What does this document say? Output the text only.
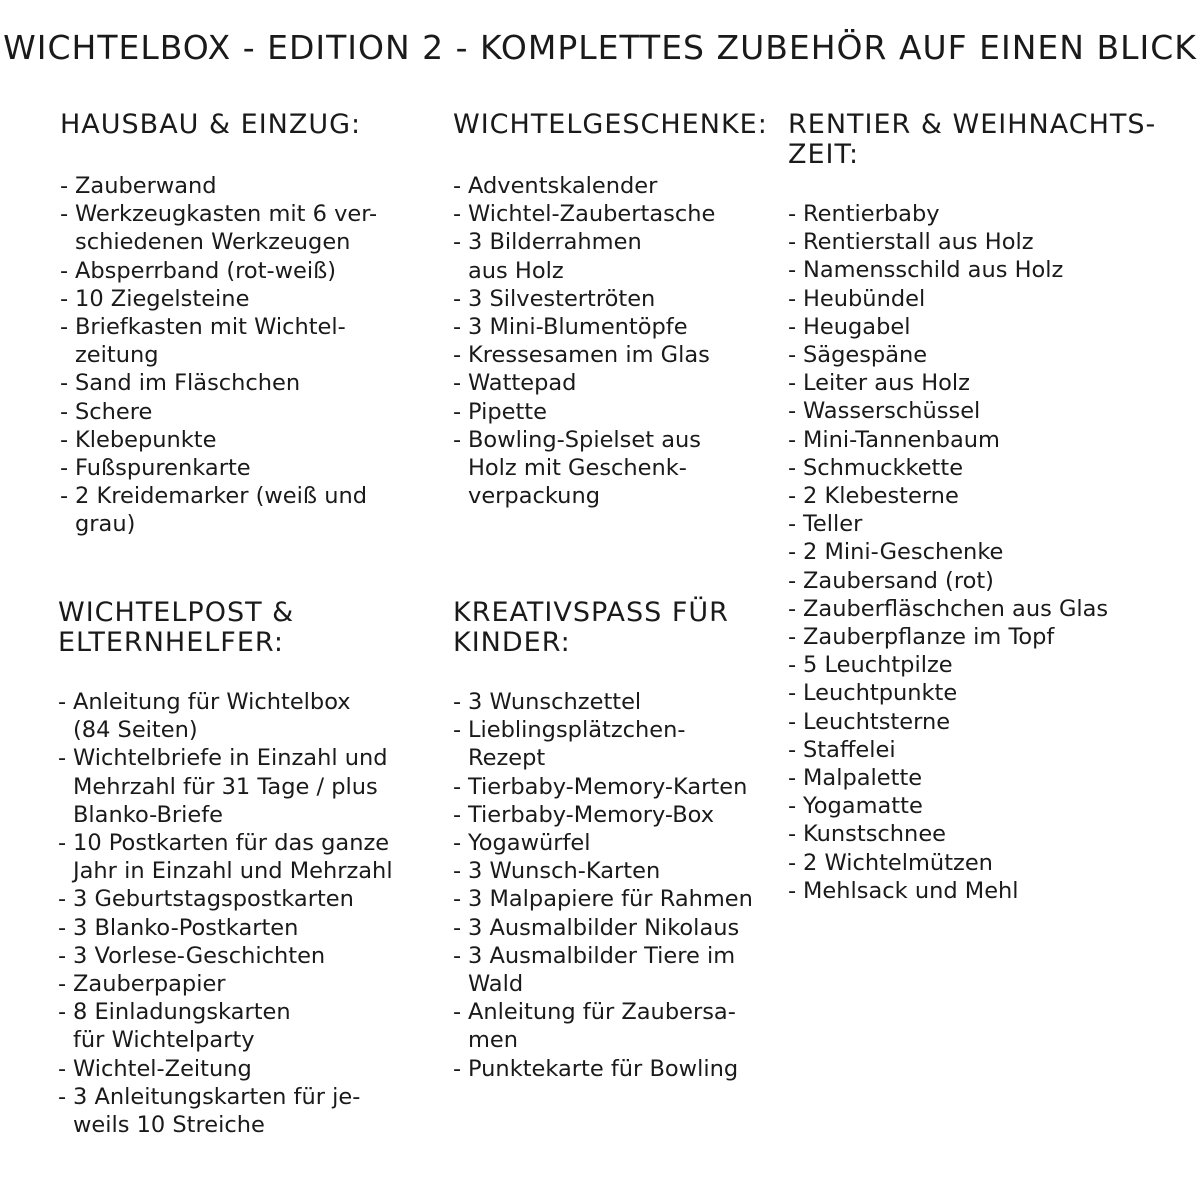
WICHTELBOX - EDITION 2 - KOMPLETTES ZUBEHÖR AUF EINEN BLICK
HAUSBAU & EINZUG:
- Zauberwand
- Werkzeugkasten mit 6 ver-
schiedenen Werkzeugen
- Absperrband (rot-weiß)
- 10 Ziegelsteine
- Briefkasten mit Wichtel-
zeitung
- Sand im Fläschchen
- Schere
- Klebepunkte
- Fußspurenkarte
- 2 Kreidemarker (weiß und
grau)
WICHTELGESCHENKE:
- Adventskalender
- Wichtel-Zaubertasche
- 3 Bilderrahmen
aus Holz
- 3 Silvestertröten
- 3 Mini-Blumentöpfe
- Kressesamen im Glas
- Wattepad
- Pipette
- Bowling-Spielset aus
Holz mit Geschenk-
verpackung
RENTIER & WEIHNACHTS-
ZEIT:
- Rentierbaby
- Rentierstall aus Holz
- Namensschild aus Holz
- Heubündel
- Heugabel
- Sägespäne
- Leiter aus Holz
- Wasserschüssel
- Mini-Tannenbaum
- Schmuckkette
- 2 Klebesterne
- Teller
- 2 Mini-Geschenke
- Zaubersand (rot)
- Zauberfläschchen aus Glas
- Zauberpflanze im Topf
- 5 Leuchtpilze
- Leuchtpunkte
- Leuchtsterne
- Staffelei
- Malpalette
- Yogamatte
- Kunstschnee
- 2 Wichtelmützen
- Mehlsack und Mehl
WICHTELPOST &
ELTERNHELFER:
- Anleitung für Wichtelbox
(84 Seiten)
- Wichtelbriefe in Einzahl und
Mehrzahl für 31 Tage / plus
Blanko-Briefe
- 10 Postkarten für das ganze
Jahr in Einzahl und Mehrzahl
- 3 Geburtstagspostkarten
- 3 Blanko-Postkarten
- 3 Vorlese-Geschichten
- Zauberpapier
- 8 Einladungskarten
für Wichtelparty
- Wichtel-Zeitung
- 3 Anleitungskarten für je-
weils 10 Streiche
KREATIVSPASS FÜR
KINDER:
- 3 Wunschzettel
- Lieblingsplätzchen-
Rezept
- Tierbaby-Memory-Karten
- Tierbaby-Memory-Box
- Yogawürfel
- 3 Wunsch-Karten
- 3 Malpapiere für Rahmen
- 3 Ausmalbilder Nikolaus
- 3 Ausmalbilder Tiere im
Wald
- Anleitung für Zaubersa-
men
- Punktekarte für Bowling
